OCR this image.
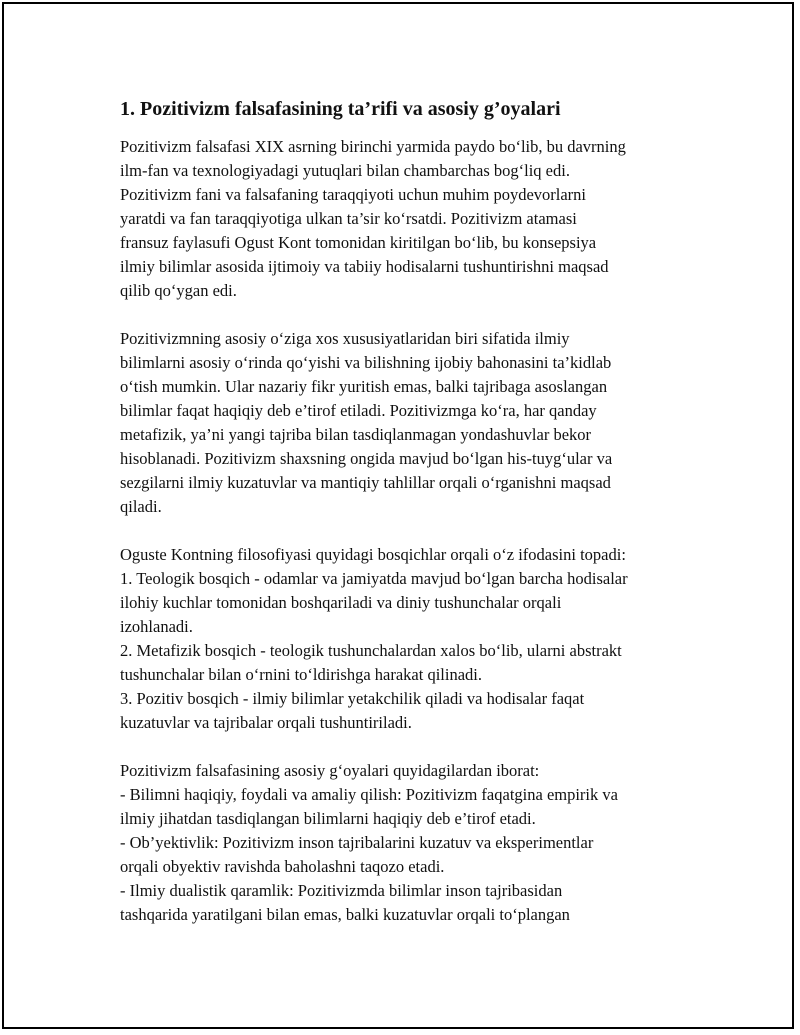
1. Pozitivizm falsafasining ta’rifi va asosiy g’oyalari

Pozitivizm falsafasi XIX asrning birinchi yarmida paydo bo‘lib, bu davrning
ilm-fan va texnologiyadagi yutuqlari bilan chambarchas bog‘liq edi.
Pozitivizm fani va falsafaning taraqqiyoti uchun muhim poydevorlarni
yaratdi va fan taraqqiyotiga ulkan ta’sir ko‘rsatdi. Pozitivizm atamasi
fransuz faylasufi Ogust Kont tomonidan kiritilgan bo‘lib, bu konsepsiya
ilmiy bilimlar asosida ijtimoiy va tabiiy hodisalarni tushuntirishni maqsad
qilib qo‘ygan edi.

Pozitivizmning asosiy o‘ziga xos xususiyatlaridan biri sifatida ilmiy
bilimlarni asosiy o‘rinda qo‘yishi va bilishning ijobiy bahonasini ta’kidlab
o‘tish mumkin. Ular nazariy fikr yuritish emas, balki tajribaga asoslangan
bilimlar faqat haqiqiy deb e’tirof etiladi. Pozitivizmga ko‘ra, har qanday
metafizik, ya’ni yangi tajriba bilan tasdiqlanmagan yondashuvlar bekor
hisoblanadi. Pozitivizm shaxsning ongida mavjud bo‘lgan his-tuyg‘ular va
sezgilarni ilmiy kuzatuvlar va mantiqiy tahlillar orqali o‘rganishni maqsad
qiladi.

Oguste Kontning filosofiyasi quyidagi bosqichlar orqali o‘z ifodasini topadi:
1. Teologik bosqich - odamlar va jamiyatda mavjud bo‘lgan barcha hodisalar
ilohiy kuchlar tomonidan boshqariladi va diniy tushunchalar orqali
izohlanadi.
2. Metafizik bosqich - teologik tushunchalardan xalos bo‘lib, ularni abstrakt
tushunchalar bilan o‘rnini to‘ldirishga harakat qilinadi.
3. Pozitiv bosqich - ilmiy bilimlar yetakchilik qiladi va hodisalar faqat
kuzatuvlar va tajribalar orqali tushuntiriladi.

Pozitivizm falsafasining asosiy g‘oyalari quyidagilardan iborat:
- Bilimni haqiqiy, foydali va amaliy qilish: Pozitivizm faqatgina empirik va
ilmiy jihatdan tasdiqlangan bilimlarni haqiqiy deb e’tirof etadi.
- Ob’yektivlik: Pozitivizm inson tajribalarini kuzatuv va eksperimentlar
orqali obyektiv ravishda baholashni taqozo etadi.
- Ilmiy dualistik qaramlik: Pozitivizmda bilimlar inson tajribasidan
tashqarida yaratilgani bilan emas, balki kuzatuvlar orqali to‘plangan
